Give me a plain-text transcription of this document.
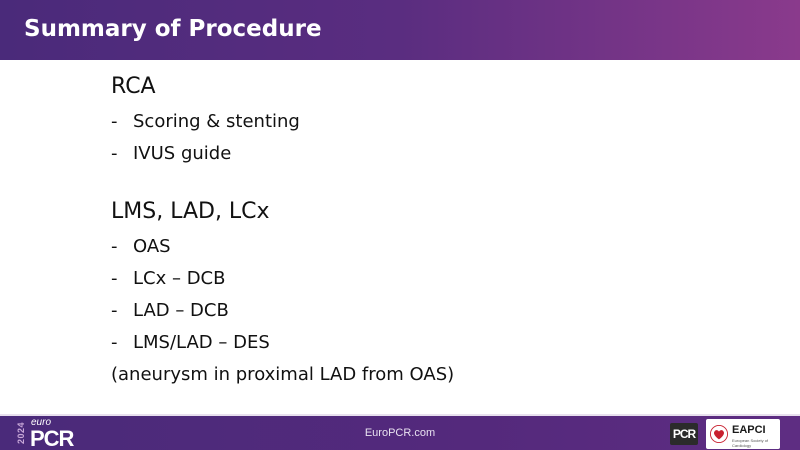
Summary of Procedure
RCA
- Scoring & stenting
- IVUS guide
LMS, LAD, LCx
- OAS
- LCx – DCB
- LAD – DCB
- LMS/LAD – DES
(aneurysm in proximal LAD from OAS)
2024 euro
PCR	EuroPCR.com	PCR	EAPCI
European Society of Cardiology
